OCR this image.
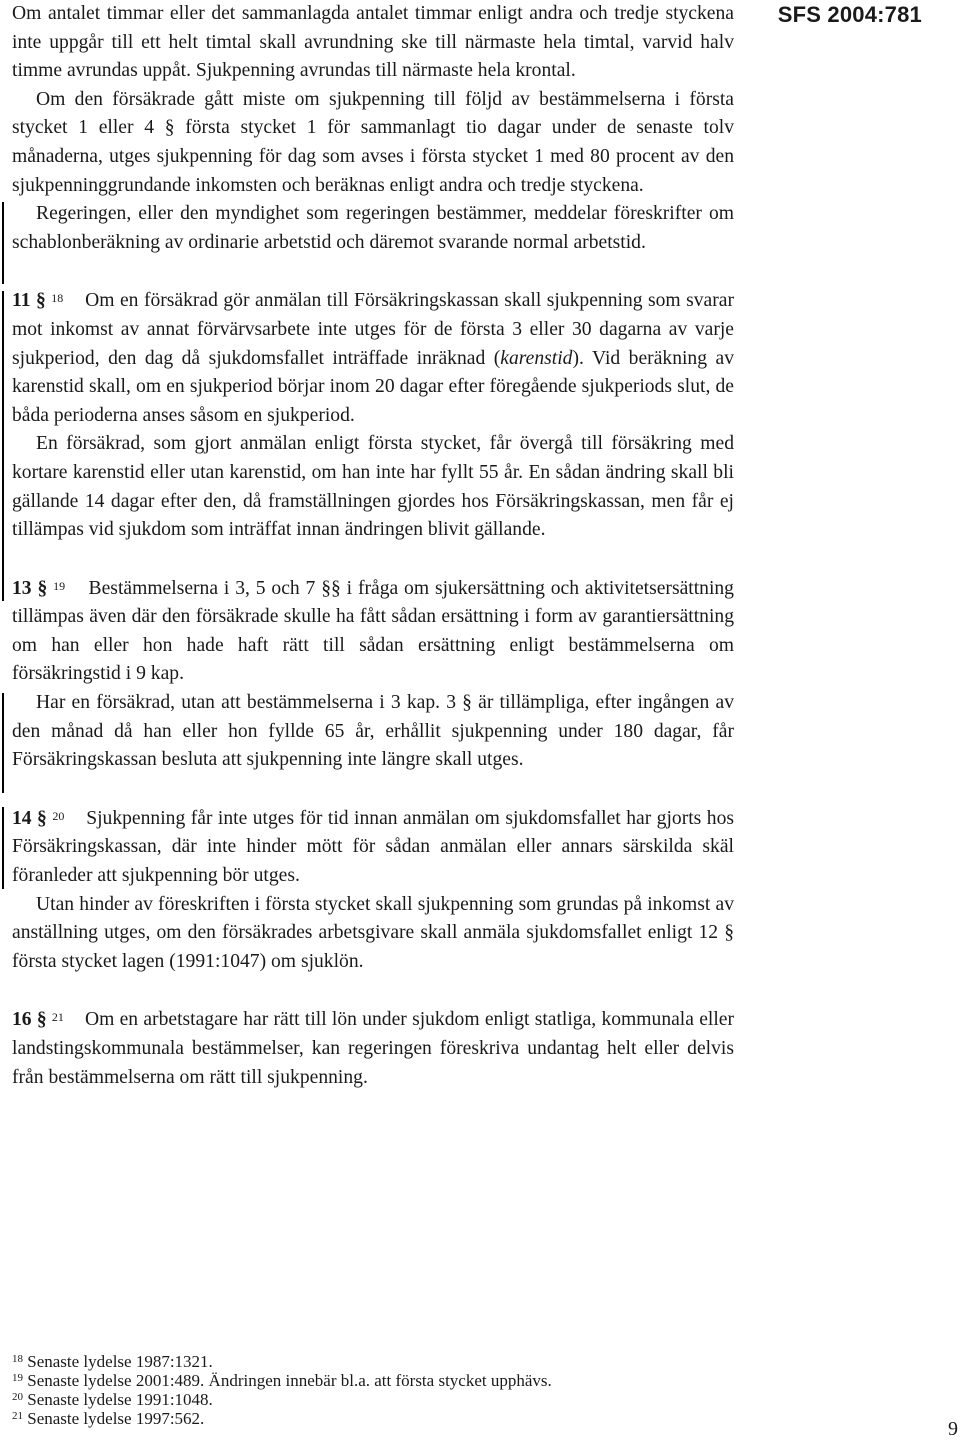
SFS 2004:781

Om antalet timmar eller det sammanlagda antalet timmar enligt andra och tredje styckena inte uppgår till ett helt timtal skall avrundning ske till närmaste hela timtal, varvid halv timme avrundas uppåt. Sjukpenning avrundas till närmaste hela krontal.

Om den försäkrade gått miste om sjukpenning till följd av bestämmelserna i första stycket 1 eller 4 § första stycket 1 för sammanlagt tio dagar under de senaste tolv månaderna, utges sjukpenning för dag som avses i första stycket 1 med 80 procent av den sjukpenninggrundande inkomsten och beräknas enligt andra och tredje styckena.

Regeringen, eller den myndighet som regeringen bestämmer, meddelar föreskrifter om schablonberäkning av ordinarie arbetstid och däremot svarande normal arbetstid.

11 § $^{18}$ Om en försäkrad gör anmälan till Försäkringskassan skall sjukpenning som svarar mot inkomst av annat förvärvsarbete inte utges för de första 3 eller 30 dagarna av varje sjukperiod, den dag då sjukdomsfallet inträffade inräknad (karenstid). Vid beräkning av karenstid skall, om en sjukperiod börjar inom 20 dagar efter föregående sjukperiods slut, de båda perioderna anses såsom en sjukperiod.

En försäkrad, som gjort anmälan enligt första stycket, får övergå till försäkring med kortare karenstid eller utan karenstid, om han inte har fyllt 55 år. En sådan ändring skall bli gällande 14 dagar efter den, då framställningen gjordes hos Försäkringskassan, men får ej tillämpas vid sjukdom som inträffat innan ändringen blivit gällande.

13 § $^{19}$ Bestämmelserna i 3, 5 och 7 §§ i fråga om sjukersättning och aktivitetsersättning tillämpas även där den försäkrade skulle ha fått sådan ersättning i form av garantiersättning om han eller hon hade haft rätt till sådan ersättning enligt bestämmelserna om försäkringstid i 9 kap.

Har en försäkrad, utan att bestämmelserna i 3 kap. 3 § är tillämpliga, efter ingången av den månad då han eller hon fyllde 65 år, erhållit sjukpenning under 180 dagar, får Försäkringskassan besluta att sjukpenning inte längre skall utges.

14 § $^{20}$ Sjukpenning får inte utges för tid innan anmälan om sjukdomsfallet har gjorts hos Försäkringskassan, där inte hinder mött för sådan anmälan eller annars särskilda skäl föranleder att sjukpenning bör utges.

Utan hinder av föreskriften i första stycket skall sjukpenning som grundas på inkomst av anställning utges, om den försäkrades arbetsgivare skall anmäla sjukdomsfallet enligt 12 § första stycket lagen (1991:1047) om sjuklön.

16 § $^{21}$ Om en arbetstagare har rätt till lön under sjukdom enligt statliga, kommunala eller landstingskommunala bestämmelser, kan regeringen föreskriva undantag helt eller delvis från bestämmelserna om rätt till sjukpenning.

$^{18}$ Senaste lydelse 1987:1321.
$^{19}$ Senaste lydelse 2001:489. Ändringen innebär bl.a. att första stycket upphävs.
$^{20}$ Senaste lydelse 1991:1048.
$^{21}$ Senaste lydelse 1997:562.	9
